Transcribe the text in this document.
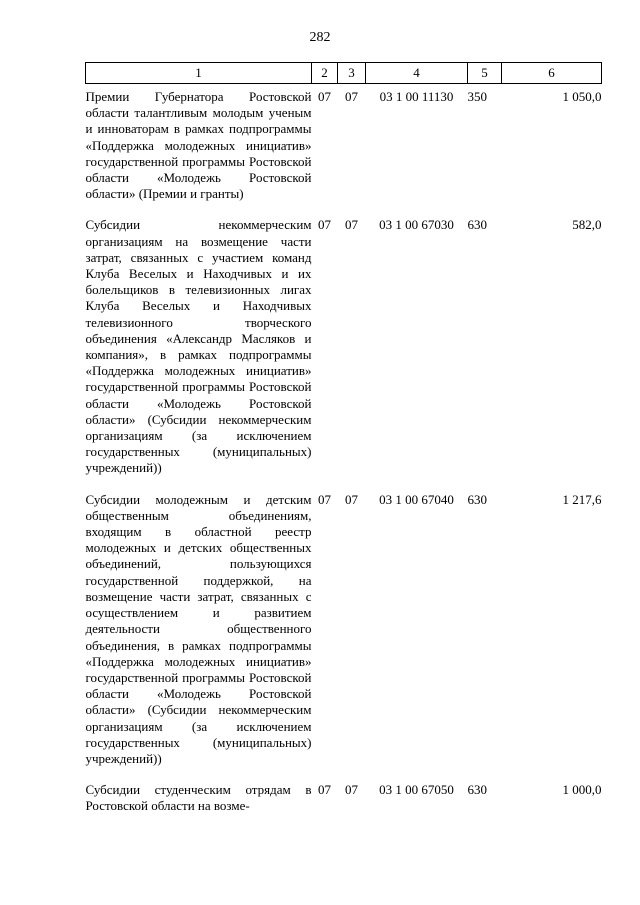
282
1	2	3	4	5	6
Премии Губернатора Ростовской области талантливым молодым ученым и инноваторам в рамках подпрограммы «Поддержка молодежных инициатив» государственной программы Ростовской области «Молодежь Ростовской области» (Премии и гранты)	07	07	03 1 00 11130	350	1 050,0
Субсидии некоммерческим организациям на возмещение части затрат, связанных с участием команд Клуба Веселых и Находчивых и их болельщиков в телевизионных лигах Клуба Веселых и Находчивых телевизионного творческого объединения «Александр Масляков и компания», в рамках подпрограммы «Поддержка молодежных инициатив» государственной программы Ростовской области «Молодежь Ростовской области» (Субсидии некоммерческим организациям (за исключением государственных (муниципальных) учреждений))	07	07	03 1 00 67030	630	582,0
Субсидии молодежным и детским общественным объединениям, входящим в областной реестр молодежных и детских общественных объединений, пользующихся государственной поддержкой, на возмещение части затрат, связанных с осуществлением и развитием деятельности общественного объединения, в рамках подпрограммы «Поддержка молодежных инициатив» государственной программы Ростовской области «Молодежь Ростовской области» (Субсидии некоммерческим организациям (за исключением государственных (муниципальных) учреждений))	07	07	03 1 00 67040	630	1 217,6
Субсидии студенческим отрядам в Ростовской области на возме-	07	07	03 1 00 67050	630	1 000,0
